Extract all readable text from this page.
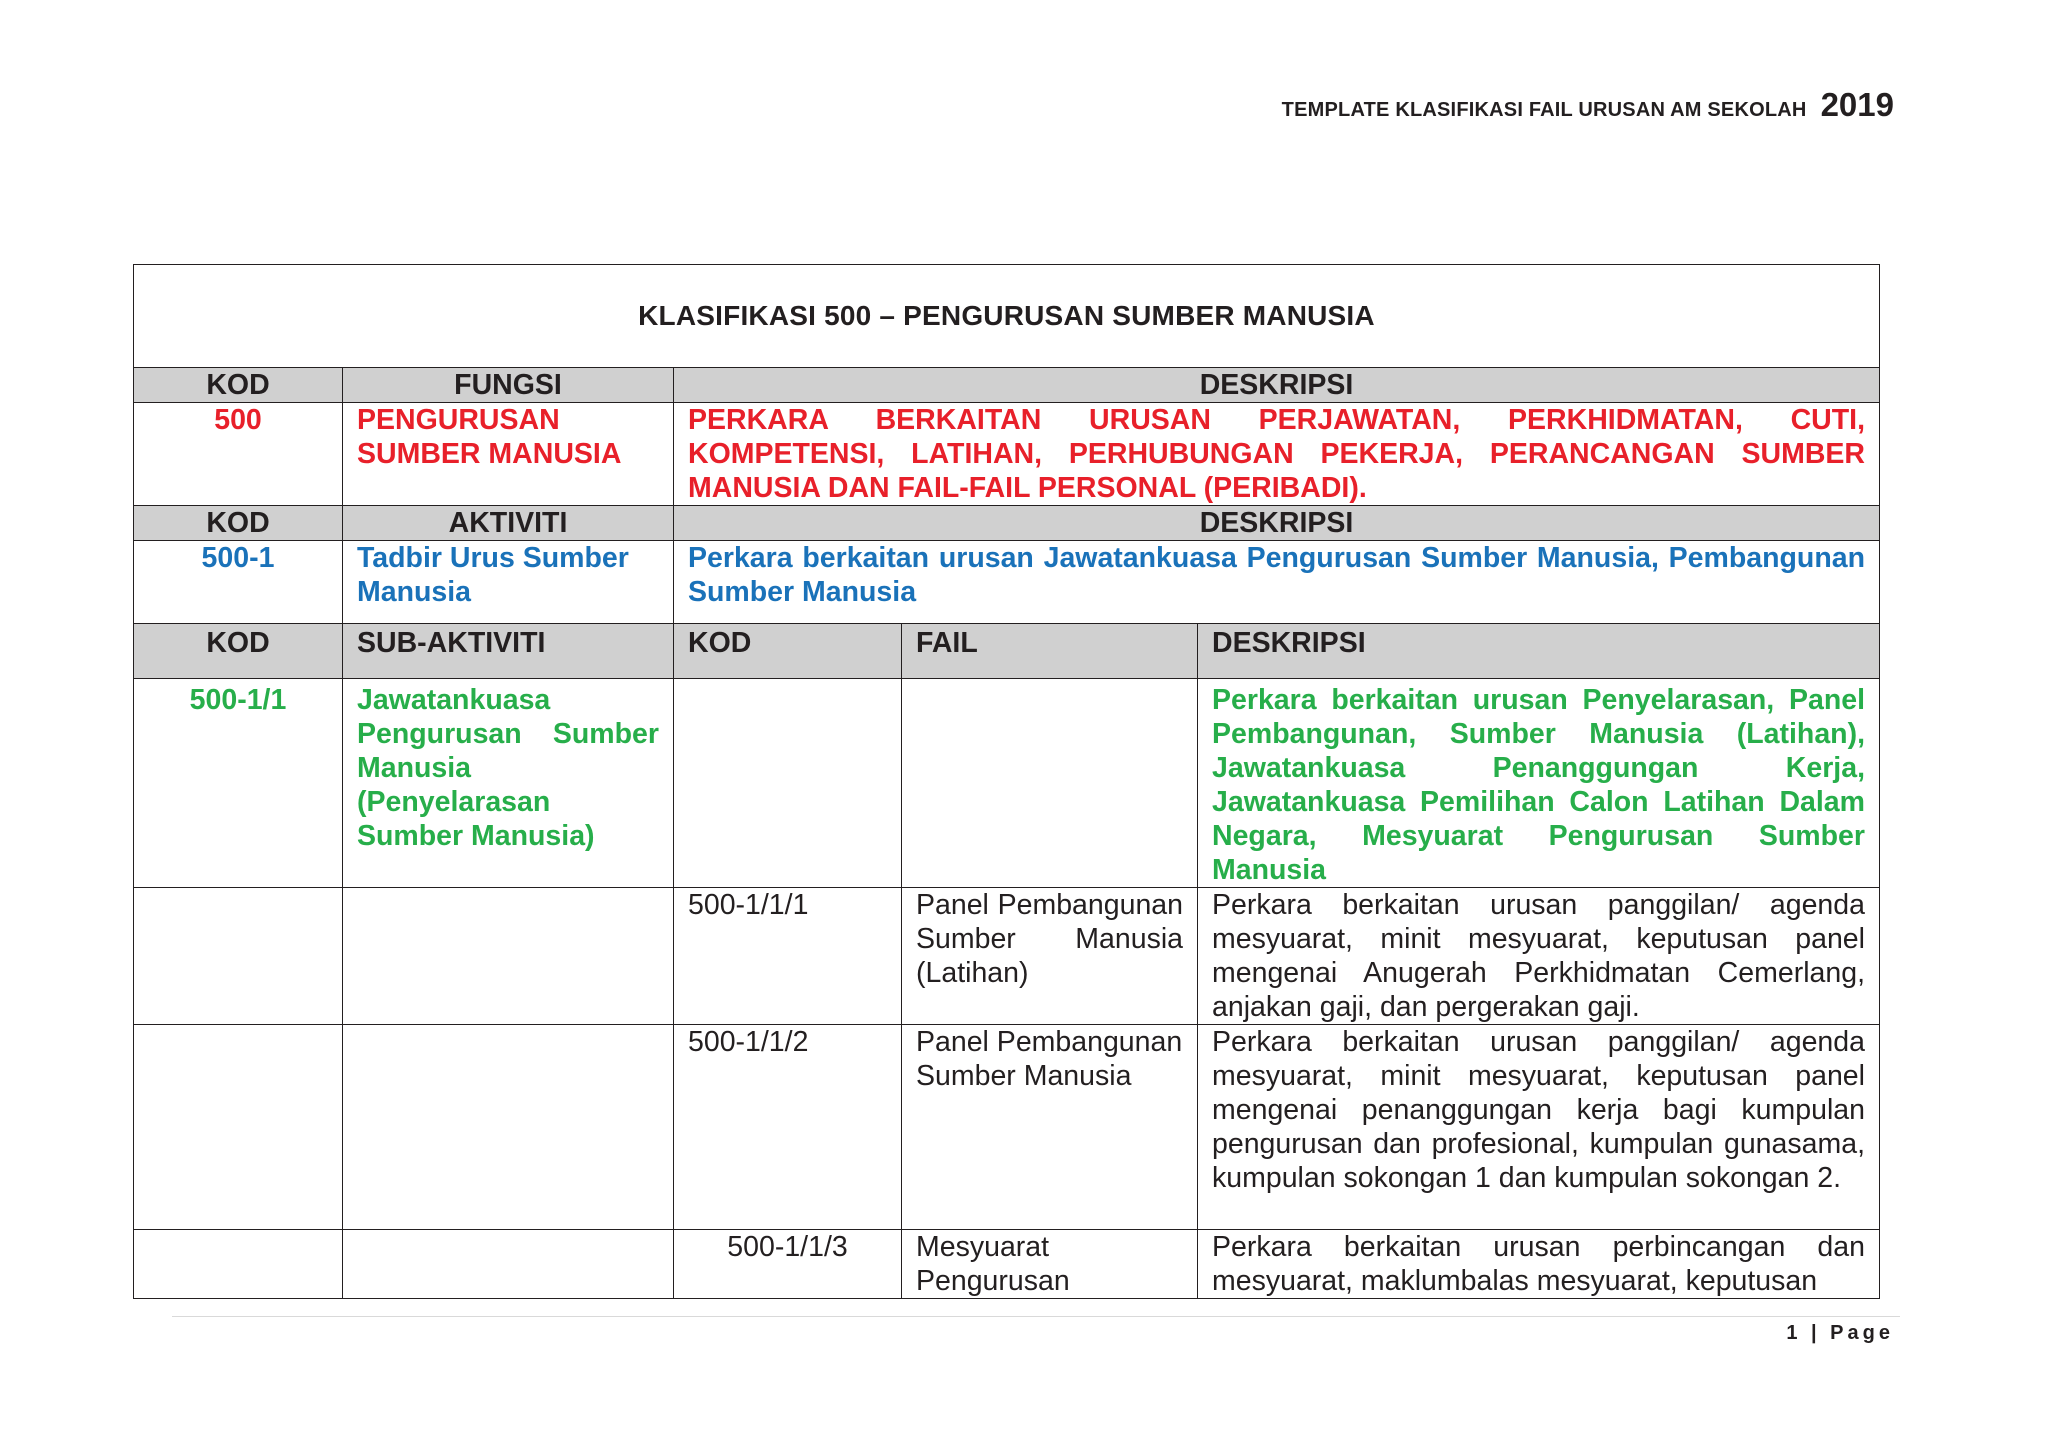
TEMPLATE KLASIFIKASI FAIL URUSAN AM SEKOLAH 2019
KLASIFIKASI 500 – PENGURUSAN SUMBER MANUSIA				
KOD	FUNGSI	DESKRIPSI		
500	PENGURUSAN SUMBER MANUSIA	PERKARA BERKAITAN URUSAN PERJAWATAN, PERKHIDMATAN, CUTI, KOMPETENSI, LATIHAN, PERHUBUNGAN PEKERJA, PERANCANGAN SUMBER MANUSIA DAN FAIL-FAIL PERSONAL (PERIBADI).		
KOD	AKTIVITI	DESKRIPSI		
500-1	Tadbir Urus Sumber Manusia	Perkara berkaitan urusan Jawatankuasa Pengurusan Sumber Manusia, Pembangunan Sumber Manusia		
KOD	SUB-AKTIVITI	KOD	FAIL	DESKRIPSI
500-1/1	Jawatankuasa Pengurusan Sumber Manusia (Penyelarasan Sumber Manusia)			Perkara berkaitan urusan Penyelarasan, Panel Pembangunan, Sumber Manusia (Latihan), Jawatankuasa Penanggungan Kerja, Jawatankuasa Pemilihan Calon Latihan Dalam Negara, Mesyuarat Pengurusan Sumber Manusia
		500-1/1/1	Panel Pembangunan Sumber Manusia (Latihan)	Perkara berkaitan urusan panggilan/ agenda mesyuarat, minit mesyuarat, keputusan panel mengenai Anugerah Perkhidmatan Cemerlang, anjakan gaji, dan pergerakan gaji.
		500-1/1/2	Panel Pembangunan Sumber Manusia	Perkara berkaitan urusan panggilan/ agenda mesyuarat, minit mesyuarat, keputusan panel mengenai penanggungan kerja bagi kumpulan pengurusan dan profesional, kumpulan gunasama, kumpulan sokongan 1 dan kumpulan sokongan 2.
		500-1/1/3	Mesyuarat Pengurusan	Perkara berkaitan urusan perbincangan dan mesyuarat, maklumbalas mesyuarat, keputusan
1 | Page
